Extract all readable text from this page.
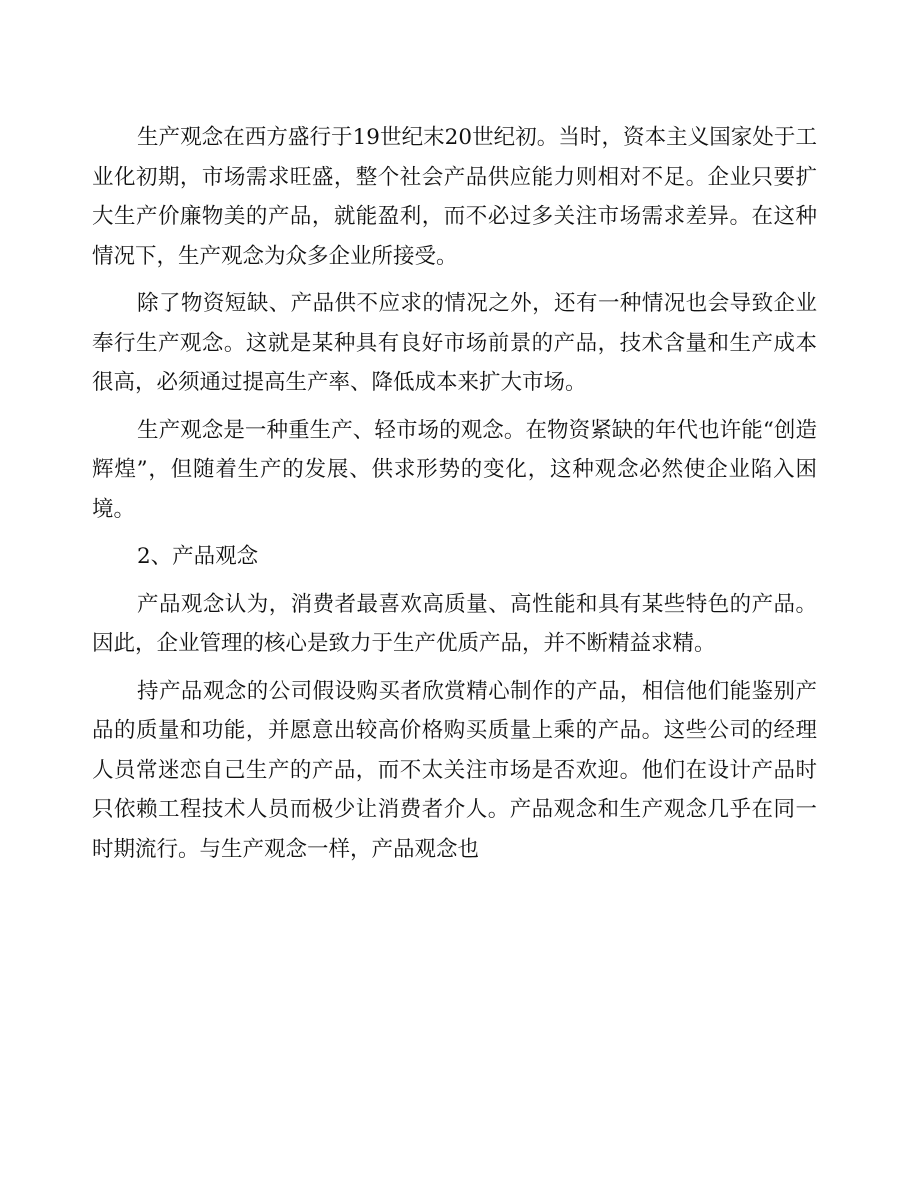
生产观念在西方盛行于19世纪末20世纪初。当时，资本主义国家处于工业化初期，市场需求旺盛，整个社会产品供应能力则相对不足。企业只要扩大生产价廉物美的产品，就能盈利，而不必过多关注市场需求差异。在这种情况下，生产观念为众多企业所接受。

除了物资短缺、产品供不应求的情况之外，还有一种情况也会导致企业奉行生产观念。这就是某种具有良好市场前景的产品，技术含量和生产成本很高，必须通过提高生产率、降低成本来扩大市场。

生产观念是一种重生产、轻市场的观念。在物资紧缺的年代也许能“创造辉煌”，但随着生产的发展、供求形势的变化，这种观念必然使企业陷入困境。

2、产品观念

产品观念认为，消费者最喜欢高质量、高性能和具有某些特色的产品。因此，企业管理的核心是致力于生产优质产品，并不断精益求精。

持产品观念的公司假设购买者欣赏精心制作的产品，相信他们能鉴别产品的质量和功能，并愿意出较高价格购买质量上乘的产品。这些公司的经理人员常迷恋自己生产的产品，而不太关注市场是否欢迎。他们在设计产品时只依赖工程技术人员而极少让消费者介人。产品观念和生产观念几乎在同一时期流行。与生产观念一样，产品观念也
